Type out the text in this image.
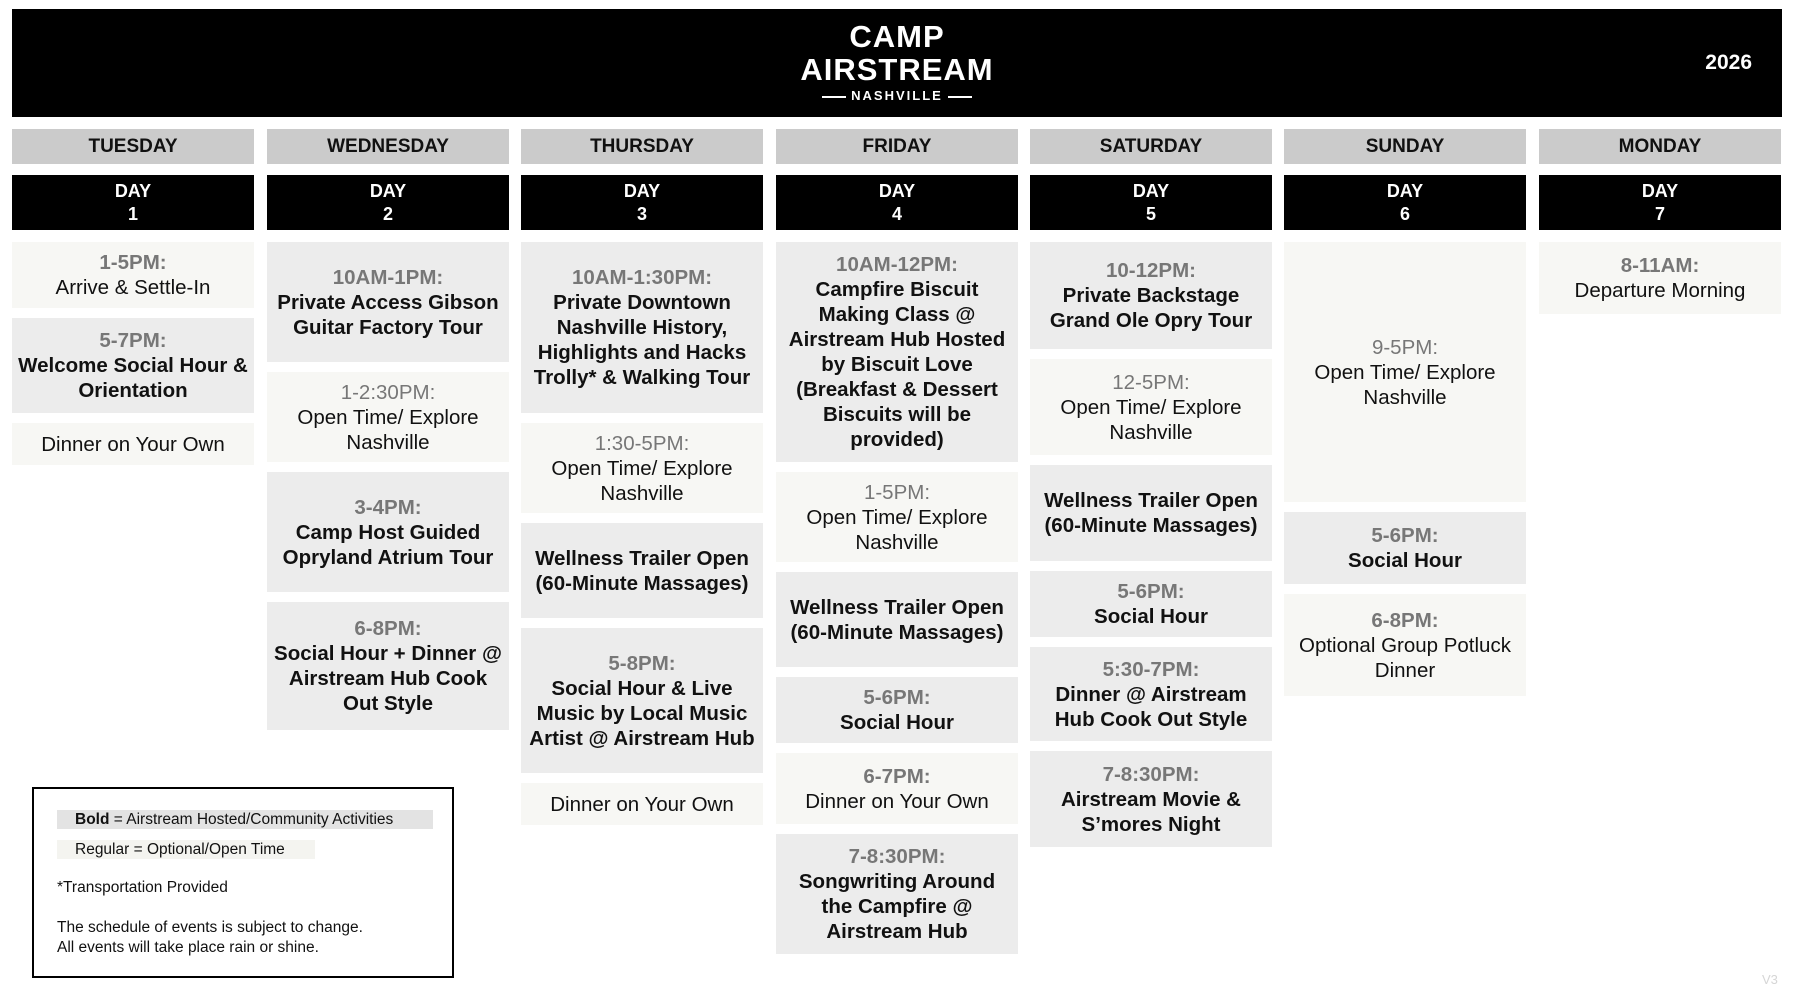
CAMP
AIRSTREAM
NASHVILLE
2026
TUESDAY
DAY
1
1-5PM:
Arrive & Settle-In
5-7PM:
Welcome Social Hour & Orientation
Dinner on Your Own
WEDNESDAY
DAY
2
10AM-1PM:
Private Access Gibson Guitar Factory Tour
1-2:30PM:
Open Time/ Explore Nashville
3-4PM:
Camp Host Guided Opryland Atrium Tour
6-8PM:
Social Hour + Dinner @ Airstream Hub Cook Out Style
THURSDAY
DAY
3
10AM-1:30PM:
Private Downtown Nashville History, Highlights and Hacks Trolly* & Walking Tour
1:30-5PM:
Open Time/ Explore Nashville
Wellness Trailer Open (60-Minute Massages)
5-8PM:
Social Hour & Live Music by Local Music Artist @ Airstream Hub
Dinner on Your Own
FRIDAY
DAY
4
10AM-12PM:
Campfire Biscuit Making Class @ Airstream Hub Hosted by Biscuit Love (Breakfast & Dessert Biscuits will be provided)
1-5PM:
Open Time/ Explore Nashville
Wellness Trailer Open (60-Minute Massages)
5-6PM:
Social Hour
6-7PM:
Dinner on Your Own
7-8:30PM:
Songwriting Around the Campfire @ Airstream Hub
SATURDAY
DAY
5
10-12PM:
Private Backstage Grand Ole Opry Tour
12-5PM:
Open Time/ Explore Nashville
Wellness Trailer Open (60-Minute Massages)
5-6PM:
Social Hour
5:30-7PM:
Dinner @ Airstream Hub Cook Out Style
7-8:30PM:
Airstream Movie & S’mores Night
SUNDAY
DAY
6
9-5PM:
Open Time/ Explore Nashville
5-6PM:
Social Hour
6-8PM:
Optional Group Potluck Dinner
MONDAY
DAY
7
8-11AM:
Departure Morning
Bold = Airstream Hosted/Community Activities
Regular = Optional/Open Time
*Transportation Provided
The schedule of events is subject to change.
All events will take place rain or shine.
V3
